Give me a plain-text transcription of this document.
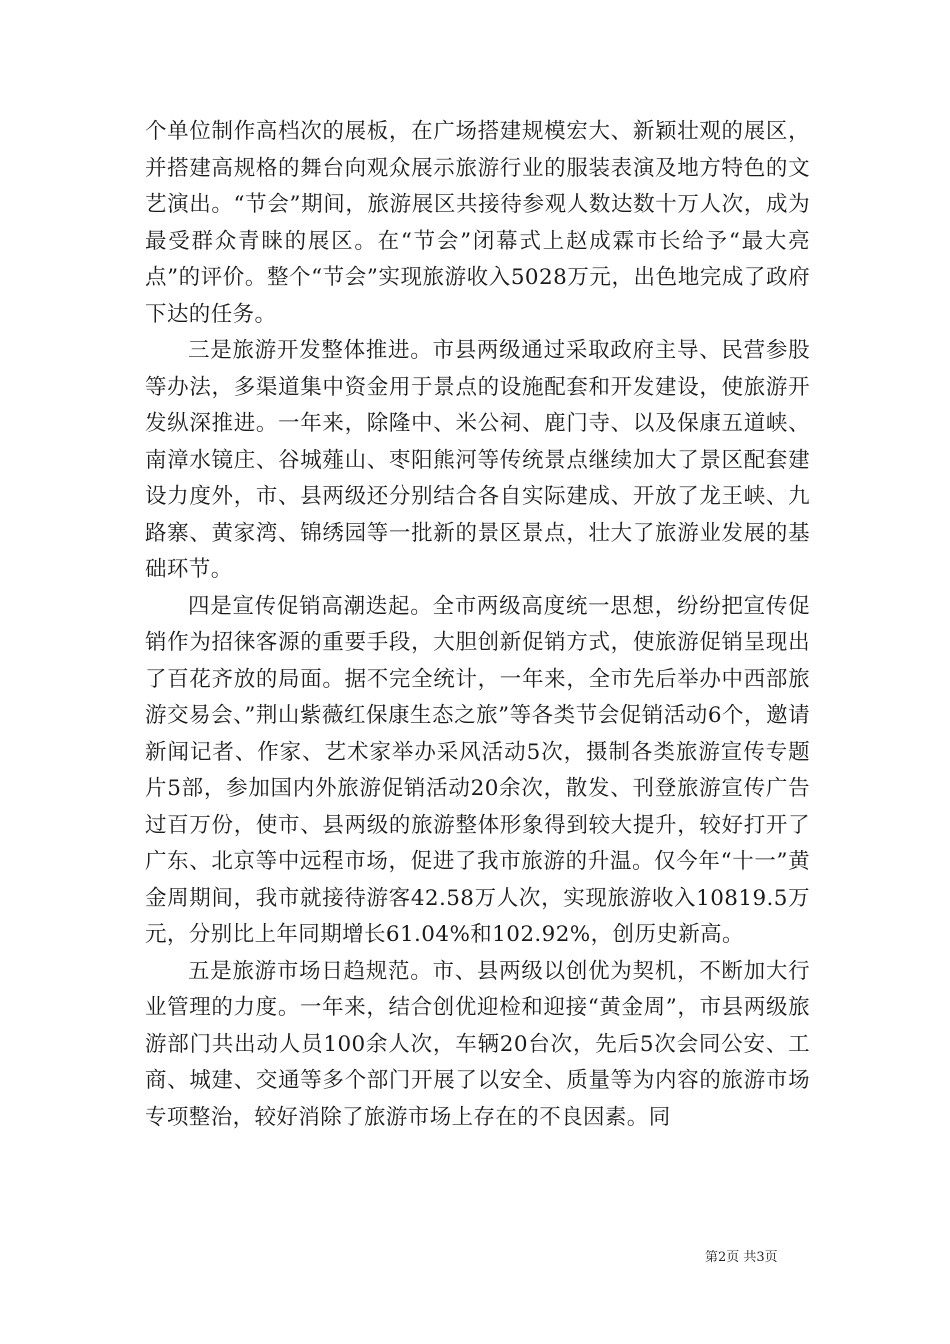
个单位制作高档次的展板，在广场搭建规模宏大、新颖壮观的展区，并搭建高规格的舞台向观众展示旅游行业的服装表演及地方特色的文艺演出。“节会”期间，旅游展区共接待参观人数达数十万人次，成为最受群众青睐的展区。在“节会”闭幕式上赵成霖市长给予“最大亮点”的评价。整个“节会”实现旅游收入5028万元，出色地完成了政府下达的任务。

三是旅游开发整体推进。市县两级通过采取政府主导、民营参股等办法，多渠道集中资金用于景点的设施配套和开发建设，使旅游开发纵深推进。一年来，除隆中、米公祠、鹿门寺、以及保康五道峡、南漳水镜庄、谷城薤山、枣阳熊河等传统景点继续加大了景区配套建设力度外，市、县两级还分别结合各自实际建成、开放了龙王峡、九路寨、黄家湾、锦绣园等一批新的景区景点，壮大了旅游业发展的基础环节。

四是宣传促销高潮迭起。全市两级高度统一思想，纷纷把宣传促销作为招徕客源的重要手段，大胆创新促销方式，使旅游促销呈现出了百花齐放的局面。据不完全统计，一年来，全市先后举办中西部旅游交易会、”荆山紫薇红保康生态之旅”等各类节会促销活动6个，邀请新闻记者、作家、艺术家举办采风活动5次，摄制各类旅游宣传专题片5部，参加国内外旅游促销活动20余次，散发、刊登旅游宣传广告过百万份，使市、县两级的旅游整体形象得到较大提升，较好打开了广东、北京等中远程市场，促进了我市旅游的升温。仅今年“十一”黄金周期间，我市就接待游客42.58万人次，实现旅游收入10819.5万元，分别比上年同期增长61.04%和102.92%，创历史新高。

五是旅游市场日趋规范。市、县两级以创优为契机，不断加大行业管理的力度。一年来，结合创优迎检和迎接“黄金周”，市县两级旅游部门共出动人员100余人次，车辆20台次，先后5次会同公安、工商、城建、交通等多个部门开展了以安全、质量等为内容的旅游市场专项整治，较好消除了旅游市场上存在的不良因素。同

第2页 共3页
